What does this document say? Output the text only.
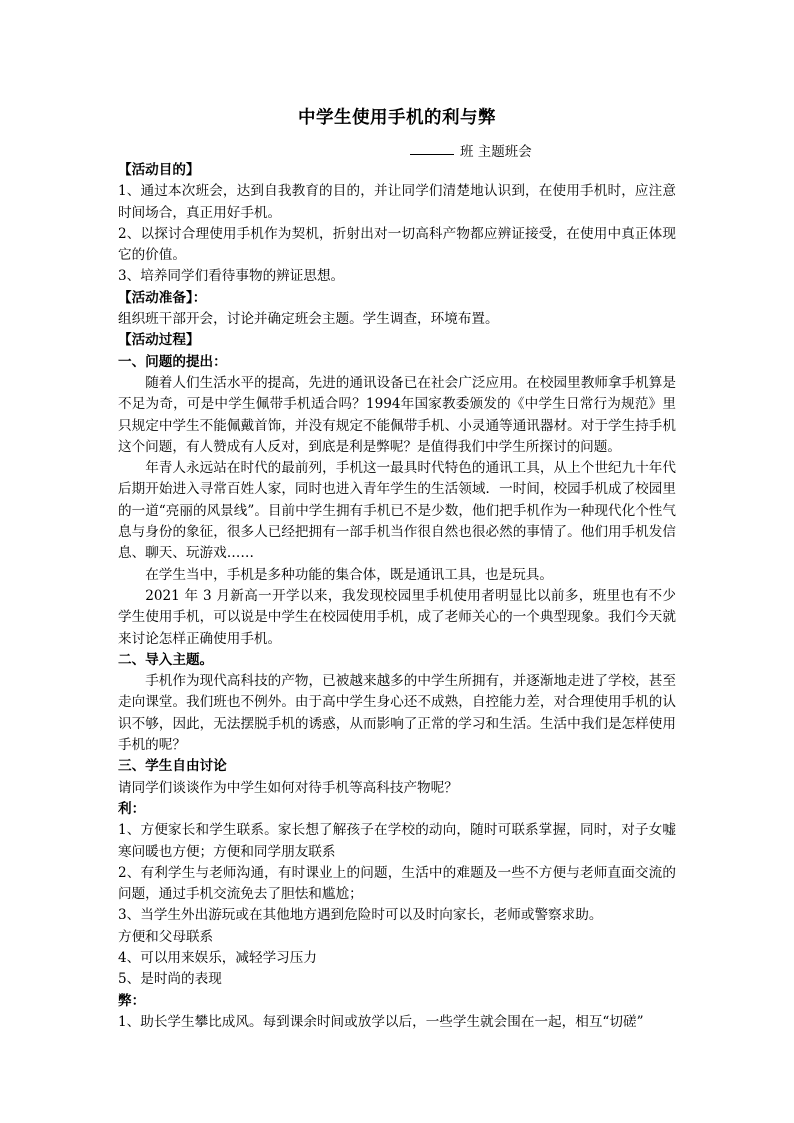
中学生使用手机的利与弊
班 主题班会

【活动目的】

1、通过本次班会，达到自我教育的目的，并让同学们清楚地认识到，在使用手机时，应注意时间场合，真正用好手机。

2、以探讨合理使用手机作为契机，折射出对一切高科产物都应辨证接受，在使用中真正体现它的价值。

3、培养同学们看待事物的辨证思想。

【活动准备】：

组织班干部开会，讨论并确定班会主题。学生调查，环境布置。

【活动过程】

一、问题的提出：

随着人们生活水平的提高，先进的通讯设备已在社会广泛应用。在校园里教师拿手机算是不足为奇，可是中学生佩带手机适合吗？1994年国家教委颁发的《中学生日常行为规范》里只规定中学生不能佩戴首饰，并没有规定不能佩带手机、小灵通等通讯器材。对于学生持手机这个问题，有人赞成有人反对，到底是利是弊呢？是值得我们中学生所探讨的问题。

年青人永远站在时代的最前列，手机这一最具时代特色的通讯工具，从上个世纪九十年代后期开始进入寻常百姓人家，同时也进入青年学生的生活领域．一时间，校园手机成了校园里的一道“亮丽的风景线”。目前中学生拥有手机已不是少数，他们把手机作为一种现代化个性气息与身份的象征，很多人已经把拥有一部手机当作很自然也很必然的事情了。他们用手机发信息、聊天、玩游戏……

在学生当中，手机是多种功能的集合体，既是通讯工具，也是玩具。

2021 年 3 月新高一开学以来，我发现校园里手机使用者明显比以前多，班里也有不少学生使用手机，可以说是中学生在校园使用手机，成了老师关心的一个典型现象。我们今天就来讨论怎样正确使用手机。

二、导入主题。

手机作为现代高科技的产物，已被越来越多的中学生所拥有，并逐渐地走进了学校，甚至走向课堂。我们班也不例外。由于高中学生身心还不成熟，自控能力差，对合理使用手机的认识不够，因此，无法摆脱手机的诱惑，从而影响了正常的学习和生活。生活中我们是怎样使用手机的呢？

三、学生自由讨论

请同学们谈谈作为中学生如何对待手机等高科技产物呢？

利：

1、方便家长和学生联系。家长想了解孩子在学校的动向，随时可联系掌握，同时，对子女嘘寒问暖也方便；方便和同学朋友联系

2、有利学生与老师沟通，有时课业上的问题，生活中的难题及一些不方便与老师直面交流的问题，通过手机交流免去了胆怯和尴尬；

3、当学生外出游玩或在其他地方遇到危险时可以及时向家长，老师或警察求助。

方便和父母联系

4、可以用来娱乐，减轻学习压力

5、是时尚的表现

弊：

1、助长学生攀比成风。每到课余时间或放学以后，一些学生就会围在一起，相互“切磋”
